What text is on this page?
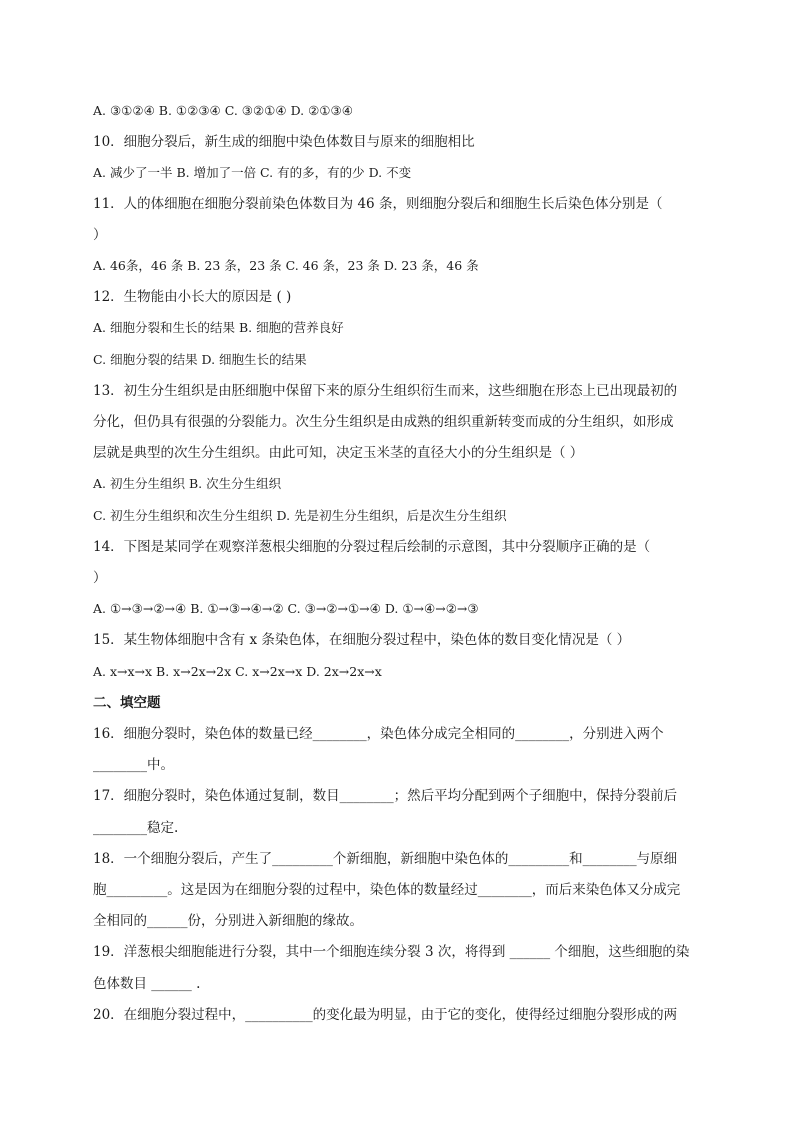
A. ③①②④ B. ①②③④ C. ③②①④ D. ②①③④
10．细胞分裂后，新生成的细胞中染色体数目与原来的细胞相比
A. 减少了一半 B. 增加了一倍 C. 有的多，有的少 D. 不变
11．人的体细胞在细胞分裂前染色体数目为 46 条，则细胞分裂后和细胞生长后染色体分别是（
）
A. 46条，46 条 B. 23 条，23 条 C. 46 条，23 条 D. 23 条，46 条
12．生物能由小长大的原因是 ( )
A. 细胞分裂和生长的结果 B. 细胞的营养良好
C. 细胞分裂的结果 D. 细胞生长的结果
13．初生分生组织是由胚细胞中保留下来的原分生组织衍生而来，这些细胞在形态上已出现最初的
分化，但仍具有很强的分裂能力。次生分生组织是由成熟的组织重新转变而成的分生组织，如形成
层就是典型的次生分生组织。由此可知，决定玉米茎的直径大小的分生组织是（ ）
A. 初生分生组织 B. 次生分生组织
C. 初生分生组织和次生分生组织 D. 先是初生分生组织，后是次生分生组织
14．下图是某同学在观察洋葱根尖细胞的分裂过程后绘制的示意图，其中分裂顺序正确的是（
）
A. ①→③→②→④ B. ①→③→④→② C. ③→②→①→④ D. ①→④→②→③
15．某生物体细胞中含有 x 条染色体，在细胞分裂过程中，染色体的数目变化情况是（ ）
A. x→x→x B. x→2x→2x C. x→2x→x D. 2x→2x→x
二、填空题
16．细胞分裂时，染色体的数量已经________，染色体分成完全相同的________，分别进入两个
________中。
17．细胞分裂时，染色体通过复制，数目________；然后平均分配到两个子细胞中，保持分裂前后
________稳定.
18．一个细胞分裂后，产生了_________个新细胞，新细胞中染色体的_________和________与原细
胞_________。这是因为在细胞分裂的过程中，染色体的数量经过________，而后来染色体又分成完
全相同的______份，分别进入新细胞的缘故。
19．洋葱根尖细胞能进行分裂，其中一个细胞连续分裂 3 次，将得到 ______ 个细胞，这些细胞的染
色体数目 ______ .
20．在细胞分裂过程中，__________的变化最为明显，由于它的变化，使得经过细胞分裂形成的两
